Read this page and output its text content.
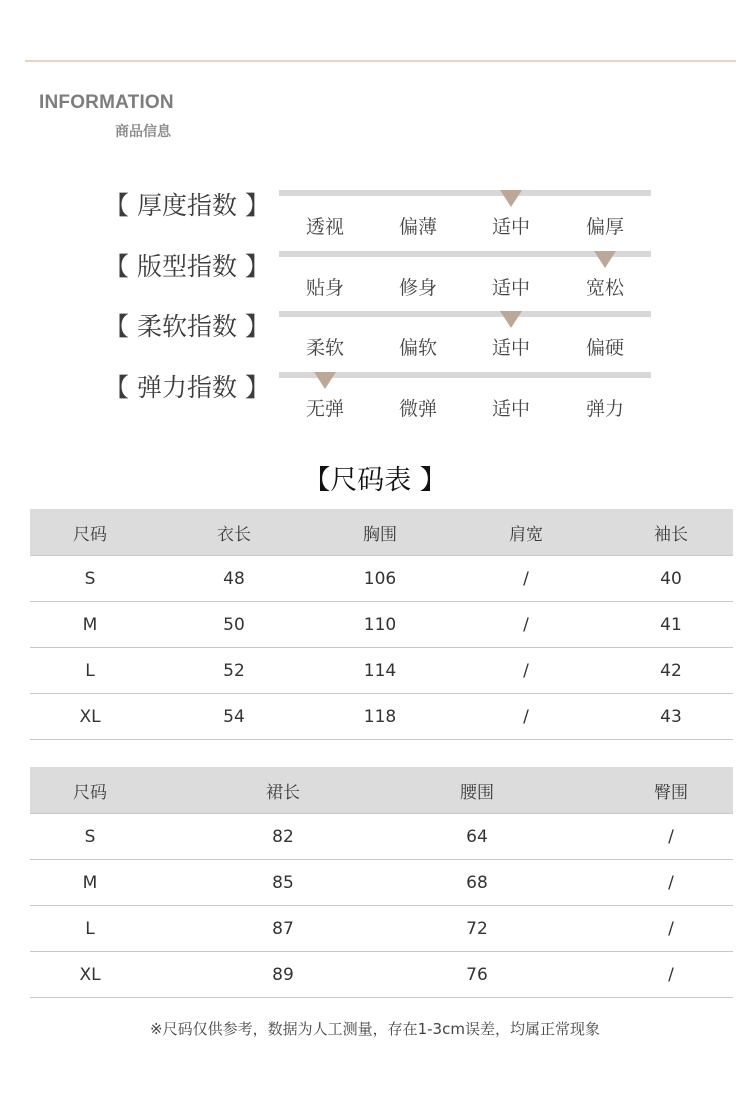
INFORMATION
商品信息
【 厚度指数 】
透视	偏薄	适中	偏厚
【 版型指数 】
贴身	修身	适中	宽松
【 柔软指数 】
柔软	偏软	适中	偏硬
【 弹力指数 】
无弹	微弹	适中	弹力
【尺码表 】
尺码	衣长	胸围	肩宽	袖长
S	48	106	/	40
M	50	110	/	41
L	52	114	/	42
XL	54	118	/	43
尺码	裙长	腰围	臀围
S	82	64	/
M	85	68	/
L	87	72	/
XL	89	76	/
※尺码仅供参考，数据为人工测量，存在1-3cm误差，均属正常现象
